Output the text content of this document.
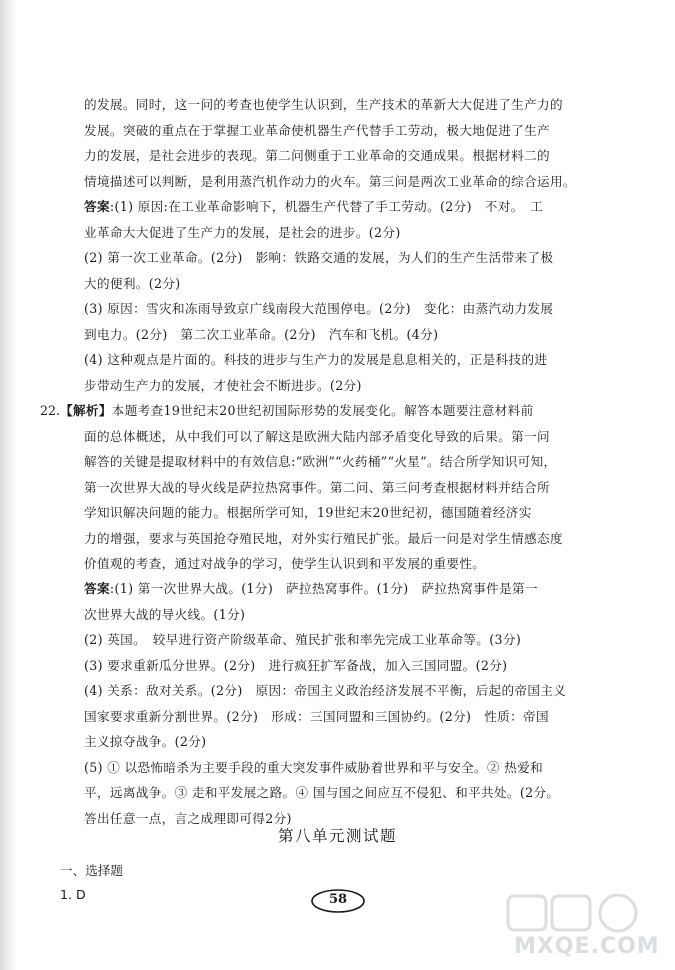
的发展。同时，这一问的考查也使学生认识到，生产技术的革新大大促进了生产力的
发展。突破的重点在于掌握工业革命使机器生产代替手工劳动，极大地促进了生产
力的发展，是社会进步的表现。第二问侧重于工业革命的交通成果。根据材料二的
情境描述可以判断，是利用蒸汽机作动力的火车。第三问是两次工业革命的综合运用。
答案:(1) 原因:在工业革命影响下，机器生产代替了手工劳动。(2分)　不对。　工
业革命大大促进了生产力的发展，是社会的进步。(2分)
(2) 第一次工业革命。(2分)　影响：铁路交通的发展，为人们的生产生活带来了极
大的便利。(2分)
(3) 原因：雪灾和冻雨导致京广线南段大范围停电。(2分)　变化：由蒸汽动力发展
到电力。(2分)　第二次工业革命。(2分)　汽车和飞机。(4分)
(4) 这种观点是片面的。科技的进步与生产力的发展是息息相关的，正是科技的进
步带动生产力的发展，才使社会不断进步。(2分)
22. 【解析】本题考查19世纪末20世纪初国际形势的发展变化。解答本题要注意材料前
面的总体概述，从中我们可以了解这是欧洲大陆内部矛盾变化导致的后果。第一问
解答的关键是提取材料中的有效信息:“欧洲”“火药桶”“火星”。结合所学知识可知，
第一次世界大战的导火线是萨拉热窝事件。第二问、第三问考查根据材料并结合所
学知识解决问题的能力。根据所学可知，19世纪末20世纪初，德国随着经济实
力的增强，要求与英国抢夺殖民地，对外实行殖民扩张。最后一问是对学生情感态度
价值观的考查，通过对战争的学习，使学生认识到和平发展的重要性。
答案:(1) 第一次世界大战。(1分)　萨拉热窝事件。(1分)　萨拉热窝事件是第一
次世界大战的导火线。(1分)
(2) 英国。　较早进行资产阶级革命、殖民扩张和率先完成工业革命等。(3分)
(3) 要求重新瓜分世界。(2分)　进行疯狂扩军备战，加入三国同盟。(2分)
(4) 关系：敌对关系。(2分)　原因：帝国主义政治经济发展不平衡，后起的帝国主义
国家要求重新分割世界。(2分)　形成：三国同盟和三国协约。(2分)　性质：帝国
主义掠夺战争。(2分)
(5) ① 以恐怖暗杀为主要手段的重大突发事件威胁着世界和平与安全。② 热爱和
平，远离战争。③ 走和平发展之路。④ 国与国之间应互不侵犯、和平共处。(2分。
答出任意一点，言之成理即可得2分)
第八单元测试题
一、选择题
1. D	58
MXQE.COM
